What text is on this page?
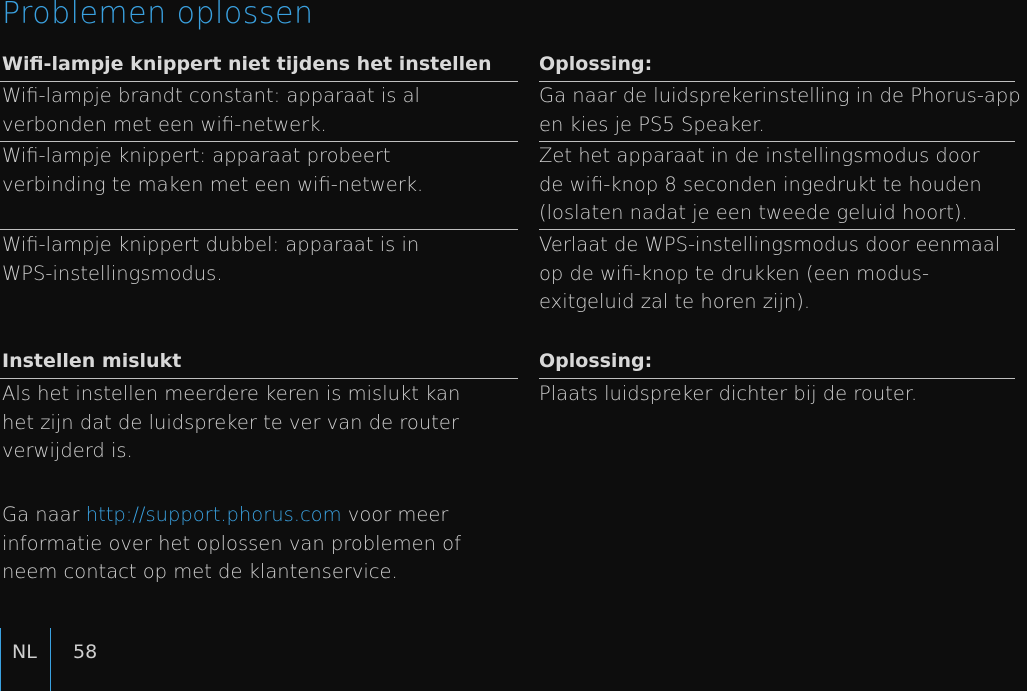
Problemen oplossen
Wifi-lampje knippert niet tijdens het instellen Oplossing:
Wifi-lampje brandt constant: apparaat is al
verbonden met een wifi-netwerk.
Ga naar de luidsprekerinstelling in de Phorus-app
en kies je PS5 Speaker.
Wifi-lampje knippert: apparaat probeert
verbinding te maken met een wifi-netwerk.
Zet het apparaat in de instellingsmodus door
de wifi-knop 8 seconden ingedrukt te houden
(loslaten nadat je een tweede geluid hoort).
Wifi-lampje knippert dubbel: apparaat is in
WPS-instellingsmodus.
Verlaat de WPS-instellingsmodus door eenmaal
op de wifi-knop te drukken (een modus-
exitgeluid zal te horen zijn).
Instellen mislukt	Oplossing:
Als het instellen meerdere keren is mislukt kan
het zijn dat de luidspreker te ver van de router
verwijderd is.
Plaats luidspreker dichter bij de router.
Ga naar http://support.phorus.com voor meer
informatie over het oplossen van problemen of
neem contact op met de klantenservice.
NL 58
